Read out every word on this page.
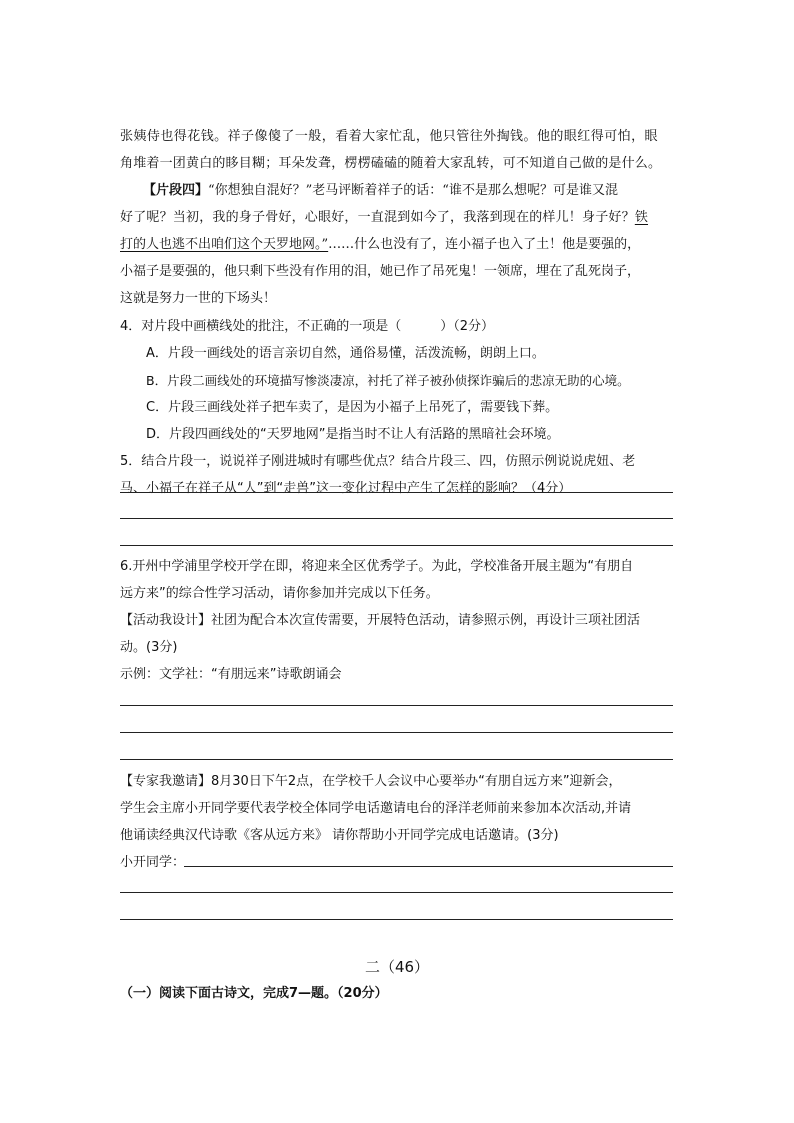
张姨侍也得花钱。祥子像傻了一般，看着大家忙乱，他只管往外掏钱。他的眼红得可怕，眼
角堆着一团黄白的眵目糊；耳朵发聋，楞楞磕磕的随着大家乱转，可不知道自己做的是什么。
【片段四】“你想独自混好？”老马评断着祥子的话：“谁不是那么想呢？可是谁又混
好了呢？当初，我的身子骨好，心眼好，一直混到如今了，我落到现在的样儿！身子好？铁
打的人也逃不出咱们这个天罗地网。”……什么也没有了，连小福子也入了土！他是要强的，
小福子是要强的，他只剩下些没有作用的泪，她已作了吊死鬼！一领席，埋在了乱死岗子，
这就是努力一世的下场头！
4．对片段中画横线处的批注，不正确的一项是（　　　）（2分）
A．片段一画线处的语言亲切自然，通俗易懂，活泼流畅，朗朗上口。
B．片段二画线处的环境描写惨淡凄凉，衬托了祥子被孙侦探诈骗后的悲凉无助的心境。
C．片段三画线处祥子把车卖了，是因为小福子上吊死了，需要钱下葬。
D．片段四画线处的“天罗地网”是指当时不让人有活路的黑暗社会环境。
5．结合片段一，说说祥子刚进城时有哪些优点？结合片段三、四，仿照示例说说虎妞、老
马、小福子在祥子从“人”到“走兽”这一变化过程中产生了怎样的影响？（4分）
6.开州中学浦里学校开学在即，将迎来全区优秀学子。为此，学校准备开展主题为“有朋自
远方来”的综合性学习活动，请你参加并完成以下任务。
【活动我设计】社团为配合本次宣传需要，开展特色活动，请参照示例，再设计三项社团活
动。(3分)
示例：文学社：“有朋远来”诗歌朗诵会
【专家我邀请】8月30日下午2点，在学校千人会议中心要举办“有朋自远方来”迎新会，
学生会主席小开同学要代表学校全体同学电话邀请电台的泽洋老师前来参加本次活动,并请
他诵读经典汉代诗歌《客从远方来》 请你帮助小开同学完成电话邀请。(3分)
小开同学：
二（46）
（一）阅读下面古诗文，完成7—题。（20分）
